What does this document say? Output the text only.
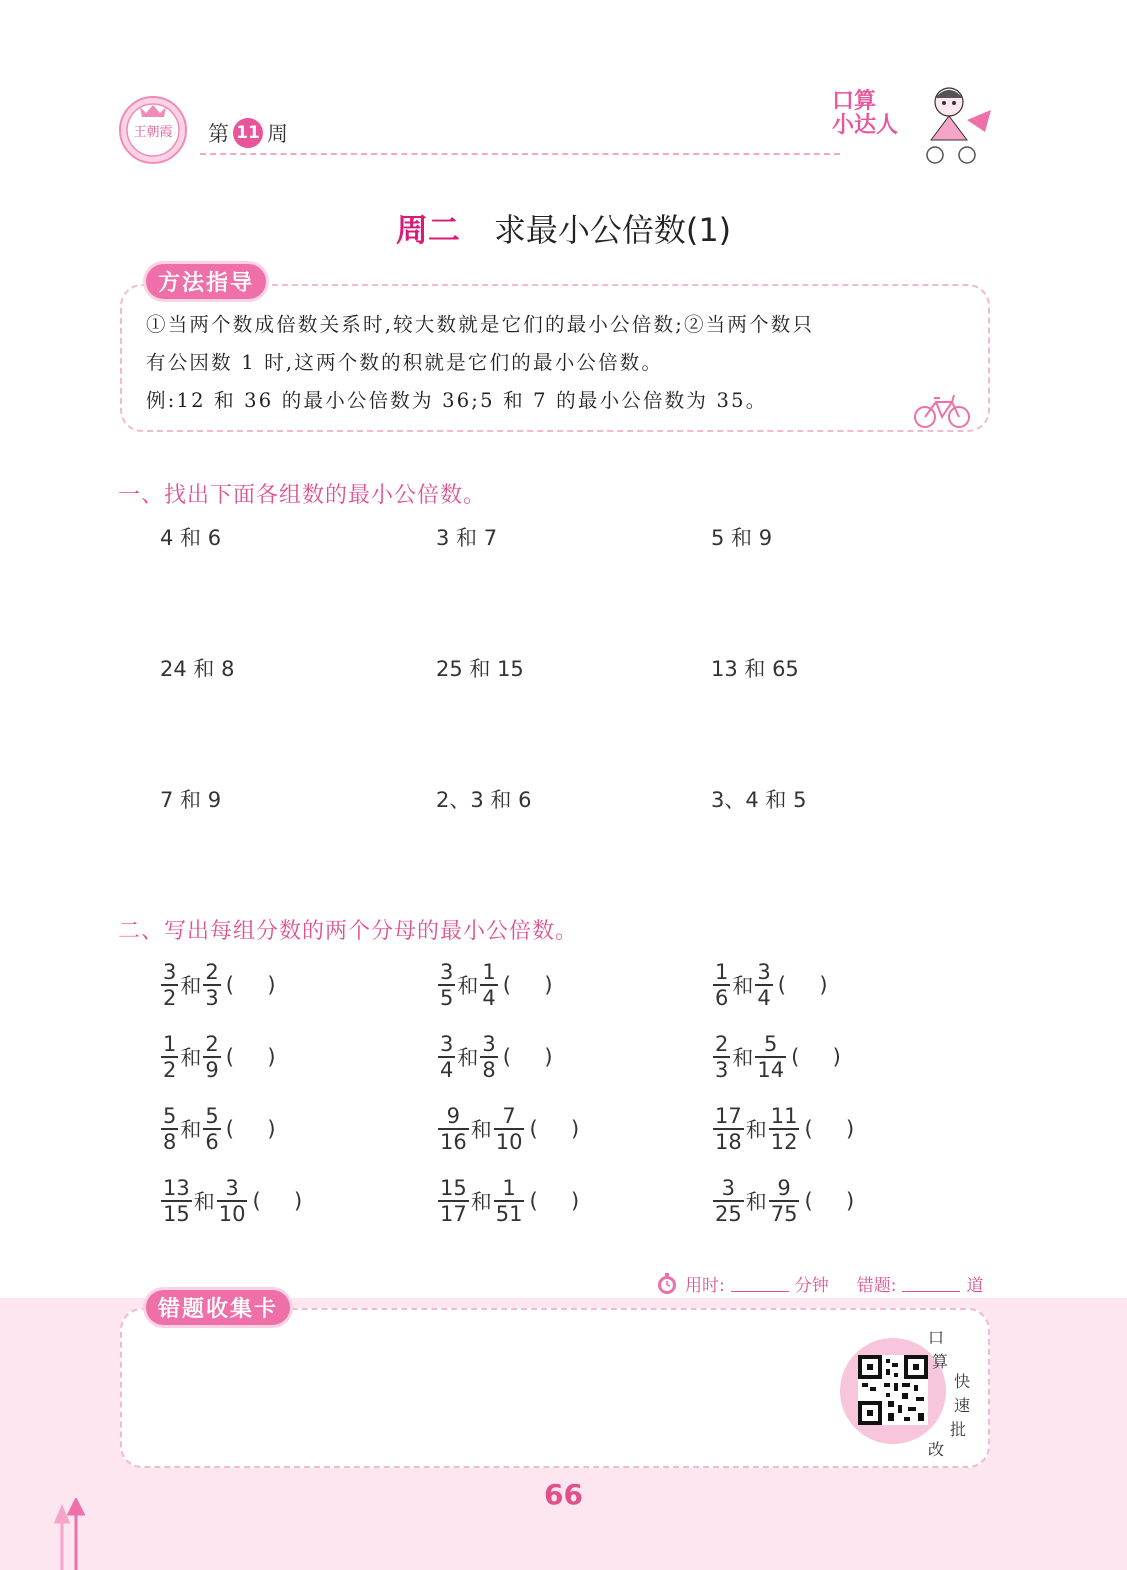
王朝霞 第 11 周
口算
小达人
周二 求最小公倍数(1)
方法指导
①当两个数成倍数关系时,较大数就是它们的最小公倍数;②当两个数只
有公因数 1 时,这两个数的积就是它们的最小公倍数。
例:12 和 36 的最小公倍数为 36;5 和 7 的最小公倍数为 35。
一、找出下面各组数的最小公倍数。
4 和 6	3 和 7	5 和 9
24 和 8	25 和 15	13 和 65
7 和 9	2、3 和 6	3、4 和 5
二、写出每组分数的两个分母的最小公倍数。
$\frac{3}{2}$ 和 $\frac{2}{3}$ (     )	$\frac{3}{5}$ 和 $\frac{1}{4}$ (     )	$\frac{1}{6}$ 和 $\frac{3}{4}$ (     )
$\frac{1}{2}$ 和 $\frac{2}{9}$ (     )	$\frac{3}{4}$ 和 $\frac{3}{8}$ (     )	$\frac{2}{3}$ 和 $\frac{5}{14}$ (     )
$\frac{5}{8}$ 和 $\frac{5}{6}$ (     )	$\frac{9}{16}$ 和 $\frac{7}{10}$ (     )	$\frac{17}{18}$ 和 $\frac{11}{12}$ (     )
$\frac{13}{15}$ 和 $\frac{3}{10}$ (     )	$\frac{15}{17}$ 和 $\frac{1}{51}$ (     )	$\frac{3}{25}$ 和 $\frac{9}{75}$ (     )
用时:	分钟 错题:	道
错题收集卡
口
算
快
速
批
改
66
